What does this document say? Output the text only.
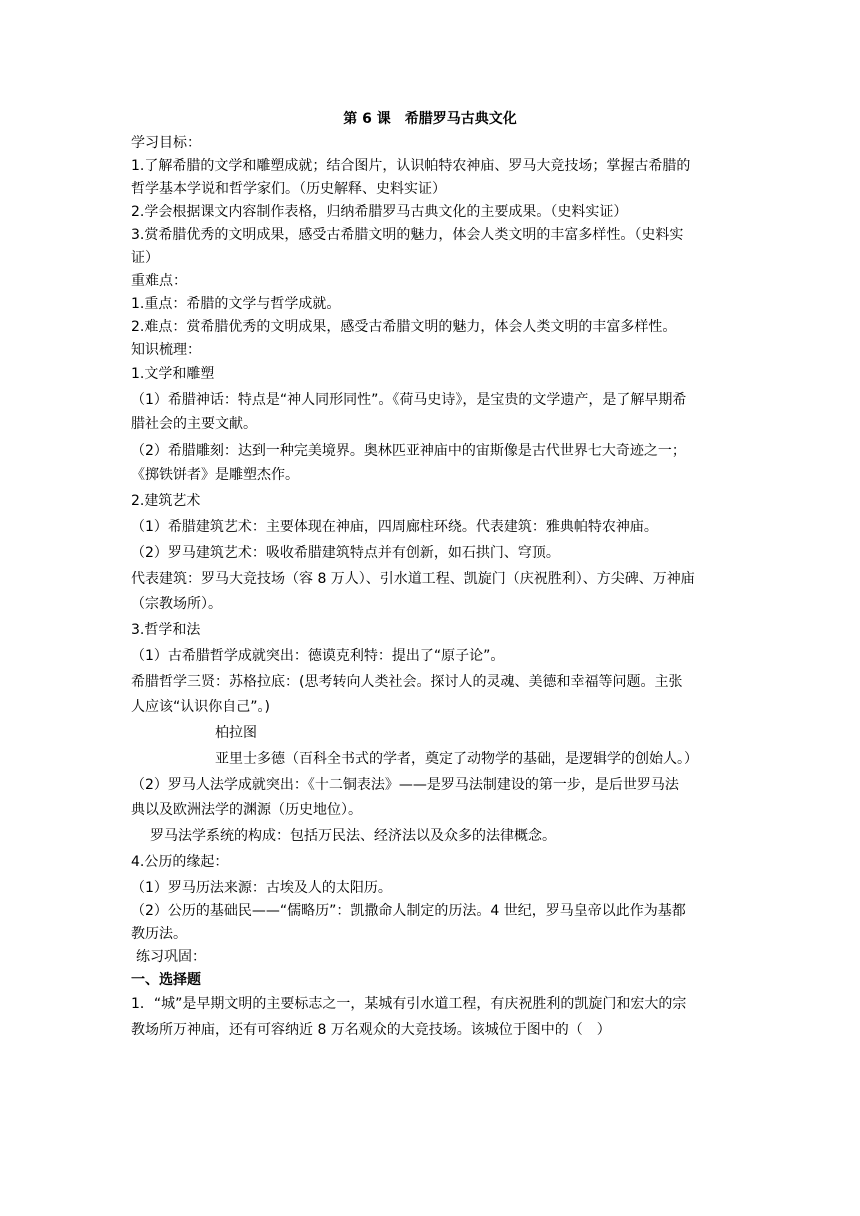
第 6 课　希腊罗马古典文化
学习目标：
1.了解希腊的文学和雕塑成就；结合图片，认识帕特农神庙、罗马大竞技场；掌握古希腊的
哲学基本学说和哲学家们。（历史解释、史料实证）
2.学会根据课文内容制作表格，归纳希腊罗马古典文化的主要成果。（史料实证）
3.赏希腊优秀的文明成果，感受古希腊文明的魅力，体会人类文明的丰富多样性。（史料实
证）
重难点：
1.重点：希腊的文学与哲学成就。
2.难点：赏希腊优秀的文明成果，感受古希腊文明的魅力，体会人类文明的丰富多样性。
知识梳理：
1.文学和雕塑
（1）希腊神话：特点是“神人同形同性”。《荷马史诗》，是宝贵的文学遗产，是了解早期希
腊社会的主要文献。
（2）希腊雕刻：达到一种完美境界。奥林匹亚神庙中的宙斯像是古代世界七大奇迹之一；
《掷铁饼者》是雕塑杰作。
2.建筑艺术
（1）希腊建筑艺术：主要体现在神庙，四周廊柱环绕。代表建筑：雅典帕特农神庙。
（2）罗马建筑艺术：吸收希腊建筑特点并有创新，如石拱门、穹顶。
代表建筑：罗马大竞技场（容 8 万人）、引水道工程、凯旋门（庆祝胜利）、方尖碑、万神庙
（宗教场所）。
3.哲学和法
（1）古希腊哲学成就突出：德谟克利特：提出了“原子论”。
希腊哲学三贤：苏格拉底：(思考转向人类社会。探讨人的灵魂、美德和幸福等问题。主张
人应该“认识你自己”。)
柏拉图
亚里士多德（百科全书式的学者，奠定了动物学的基础，是逻辑学的创始人。）
（2）罗马人法学成就突出：《十二铜表法》——是罗马法制建设的第一步，是后世罗马法
典以及欧洲法学的渊源（历史地位）。
罗马法学系统的构成：包括万民法、经济法以及众多的法律概念。
4.公历的缘起：
（1）罗马历法来源：古埃及人的太阳历。
（2）公历的基础民——“儒略历”：凯撒命人制定的历法。4 世纪，罗马皇帝以此作为基都
教历法。
练习巩固：
一、选择题
1．“城”是早期文明的主要标志之一，某城有引水道工程，有庆祝胜利的凯旋门和宏大的宗
教场所万神庙，还有可容纳近 8 万名观众的大竞技场。该城位于图中的（　）
